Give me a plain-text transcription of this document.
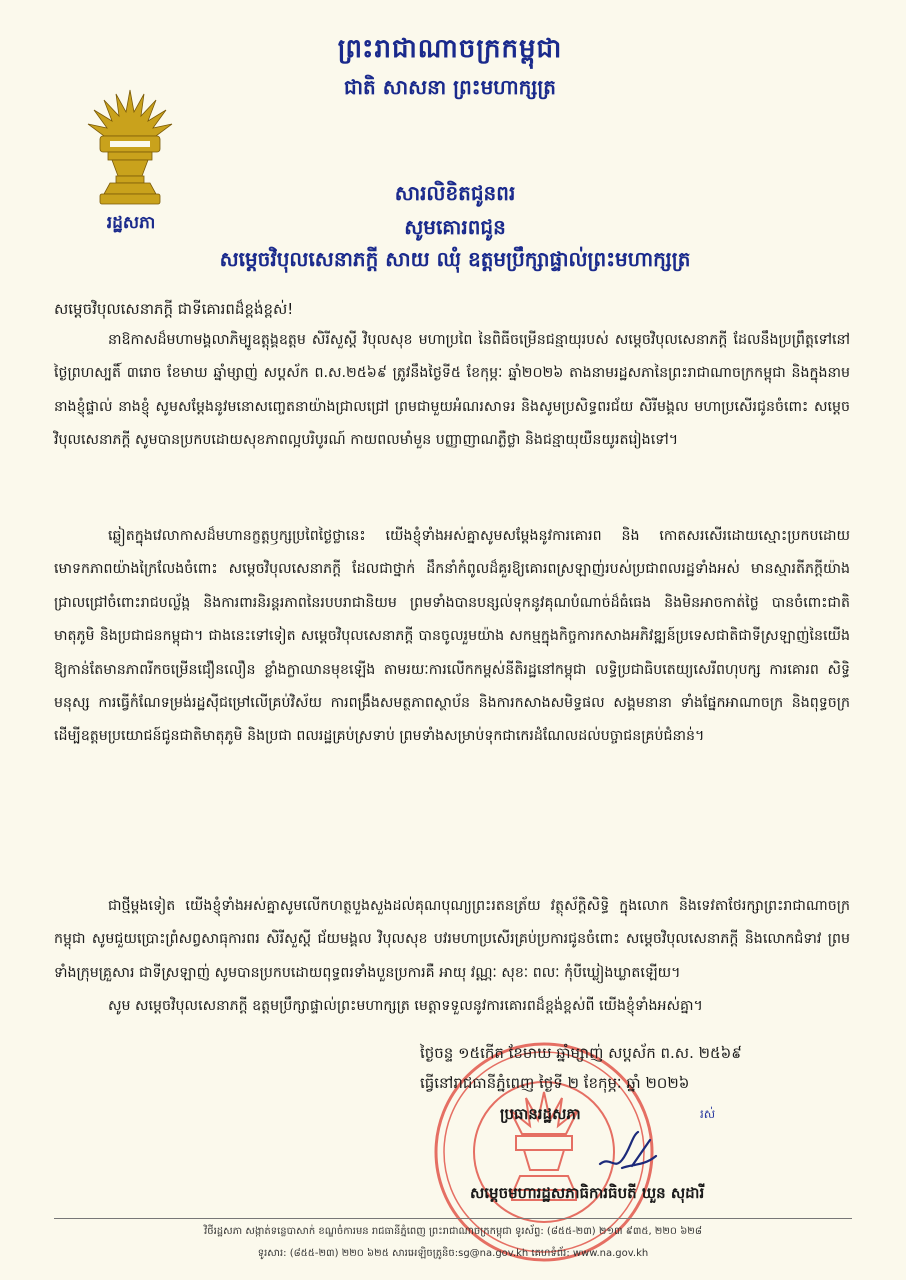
ព្រះរាជាណាចក្រកម្ពុជា
ជាតិ សាសនា ព្រះមហាក្សត្រ
រដ្ឋសភា
សារលិខិតជូនពរ
សូមគោរពជូន
សម្ដេចវិបុលសេនាភក្ដី សាយ ឈុំ ឧត្តមប្រឹក្សាផ្ទាល់ព្រះមហាក្សត្រ
សម្ដេចវិបុលសេនាភក្ដី ជាទីគោរពដ៏ខ្ពង់ខ្ពស់!
នាឱកាសដ៏មហាមង្គលាភិម្បូឧត្តុង្គឧត្ដម សិរីសួស្ដី វិបុលសុខ មហាប្រពៃ នៃពិធីចម្រើនជន្មាយុរបស់ សម្ដេចវិបុលសេនាភក្ដី ដែលនឹងប្រព្រឹត្តទៅនៅថ្ងៃព្រហស្បតិ៍ ៣រោច ខែមាឃ ឆ្នាំម្សាញ់ សប្តស័ក ព.ស.២៥៦៩ ត្រូវនឹងថ្ងៃទី៥ ខែកុម្ភៈ ឆ្នាំ២០២៦ តាងនាមរដ្ឋសភានៃព្រះរាជាណាចក្រកម្ពុជា និងក្នុងនាមនាងខ្ញុំផ្ទាល់ នាងខ្ញុំ សូមសម្ដែងនូវមនោសញ្ចេតនាយ៉ាងជ្រាលជ្រៅ ព្រមជាមួយអំណរសាទរ និងសូមប្រសិទ្ធពរជ័យ សិរីមង្គល មហាប្រសើរជូនចំពោះ សម្ដេចវិបុលសេនាភក្ដី សូមបានប្រកបដោយសុខភាពល្អបរិបូរណ៍ កាយពលមាំមួន បញ្ញាញាណភ្លឺថ្លា និងជន្មាយុយឺនយូរតរៀងទៅ។
ឆ្លៀតក្នុងវេលាកាសដ៏មហានក្ខត្តឫក្សប្រពៃថ្ងៃថ្លានេះ យើងខ្ញុំទាំងអស់គ្នាសូមសម្ដែងនូវការគោរព និង កោតសរសើរដោយស្មោះប្រកបដោយមោទកភាពយ៉ាងក្រៃលែងចំពោះ សម្ដេចវិបុលសេនាភក្ដី ដែលជាថ្នាក់ ដឹកនាំកំពូលដ៏គួរឱ្យគោរពស្រឡាញ់របស់ប្រជាពលរដ្ឋទាំងអស់ មានស្មារតីភក្ដីយ៉ាងជ្រាលជ្រៅចំពោះរាជបល្ល័ង្ក និងការពារនិរន្តរភាពនៃរបបរាជានិយម ព្រមទាំងបានបន្សល់ទុកនូវគុណបំណាច់ដ៏ធំធេង និងមិនអាចកាត់ថ្លៃ បានចំពោះជាតិ មាតុភូមិ និងប្រជាជនកម្ពុជា។ ជាងនេះទៅទៀត សម្ដេចវិបុលសេនាភក្ដី បានចូលរួមយ៉ាង សកម្មក្នុងកិច្ចការកសាងអភិវឌ្ឍន៍ប្រទេសជាតិជាទីស្រឡាញ់នៃយើង ឱ្យកាន់តែមានភាពរីកចម្រើនជឿនលឿន ខ្លាំងក្លាឈានមុខឡើង តាមរយៈការលើកកម្ពស់នីតិរដ្ឋនៅកម្ពុជា លទ្ធិប្រជាធិបតេយ្យសេរីពហុបក្ស ការគោរព សិទ្ធិមនុស្ស ការធ្វើកំណែទម្រង់រដ្ឋស៊ីជម្រៅលើគ្រប់វិស័យ ការពង្រឹងសមត្ថភាពស្ថាប័ន និងការកសាងសមិទ្ធផល សង្គមនានា ទាំងផ្នែកអាណាចក្រ និងពុទ្ធចក្រ ដើម្បីឧត្ដមប្រយោជន៍ជូនជាតិមាតុភូមិ និងប្រជា ពលរដ្ឋគ្រប់ស្រទាប់ ព្រមទាំងសម្រាប់ទុកជាកេរដំណែលដល់បច្ចាជនគ្រប់ជំនាន់។
ជាថ្មីម្ដងទៀត យើងខ្ញុំទាំងអស់គ្នាសូមលើកហត្ថបួងសួងដល់គុណបុណ្យព្រះរតនត្រ័យ វត្ថុស័ក្តិសិទ្ធិ ក្នុងលោក និងទេវតាថែរក្សាព្រះរាជាណាចក្រកម្ពុជា សូមជួយប្រោះព្រំសព្វសាធុការពរ សិរីសួស្ដី ជ័យមង្គល វិបុលសុខ បវរមហាប្រសើរគ្រប់ប្រការជូនចំពោះ សម្ដេចវិបុលសេនាភក្ដី និងលោកជំទាវ ព្រមទាំងក្រុមគ្រួសារ ជាទីស្រឡាញ់ សូមបានប្រកបដោយពុទ្ធពរទាំងបួនប្រការគឺ អាយុ វណ្ណៈ សុខៈ ពលៈ កុំបីឃ្លៀងឃ្លាតឡើយ។
សូម សម្ដេចវិបុលសេនាភក្ដី ឧត្តមប្រឹក្សាផ្ទាល់ព្រះមហាក្សត្រ មេត្តាទទួលនូវការគោរពដ៏ខ្ពង់ខ្ពស់ពី យើងខ្ញុំទាំងអស់គ្នា។
ថ្ងៃចន្ទ ១៥កើត ខែមាឃ ឆ្នាំម្សាញ់ សប្តស័ក ព.ស. ២៥៦៩
ធ្វើនៅរាជធានីភ្នំពេញ ថ្ងៃទី ២ ខែកុម្ភៈ ឆ្នាំ ២០២៦
ប្រធានរដ្ឋសភា	រស់
សម្ដេចមហារដ្ឋសភាធិការធិបតី ឃួន សុដារី
វិថីរដ្ឋសភា សង្កាត់ទន្លេបាសាក់ ខណ្ឌចំការមន រាជធានីភ្នំពេញ ព្រះរាជាណាចក្រកម្ពុជា ទូរស័ព្ទ: (៨៥៥-២៣) ២១៣ ៩៣៥, ២២០ ៦២៨
ទូរសារ: (៨៥៥-២៣) ២២០ ៦២៥ សារអេឡិចត្រូនិច:sg@na.gov.kh គេហទំព័រ: www.na.gov.kh
